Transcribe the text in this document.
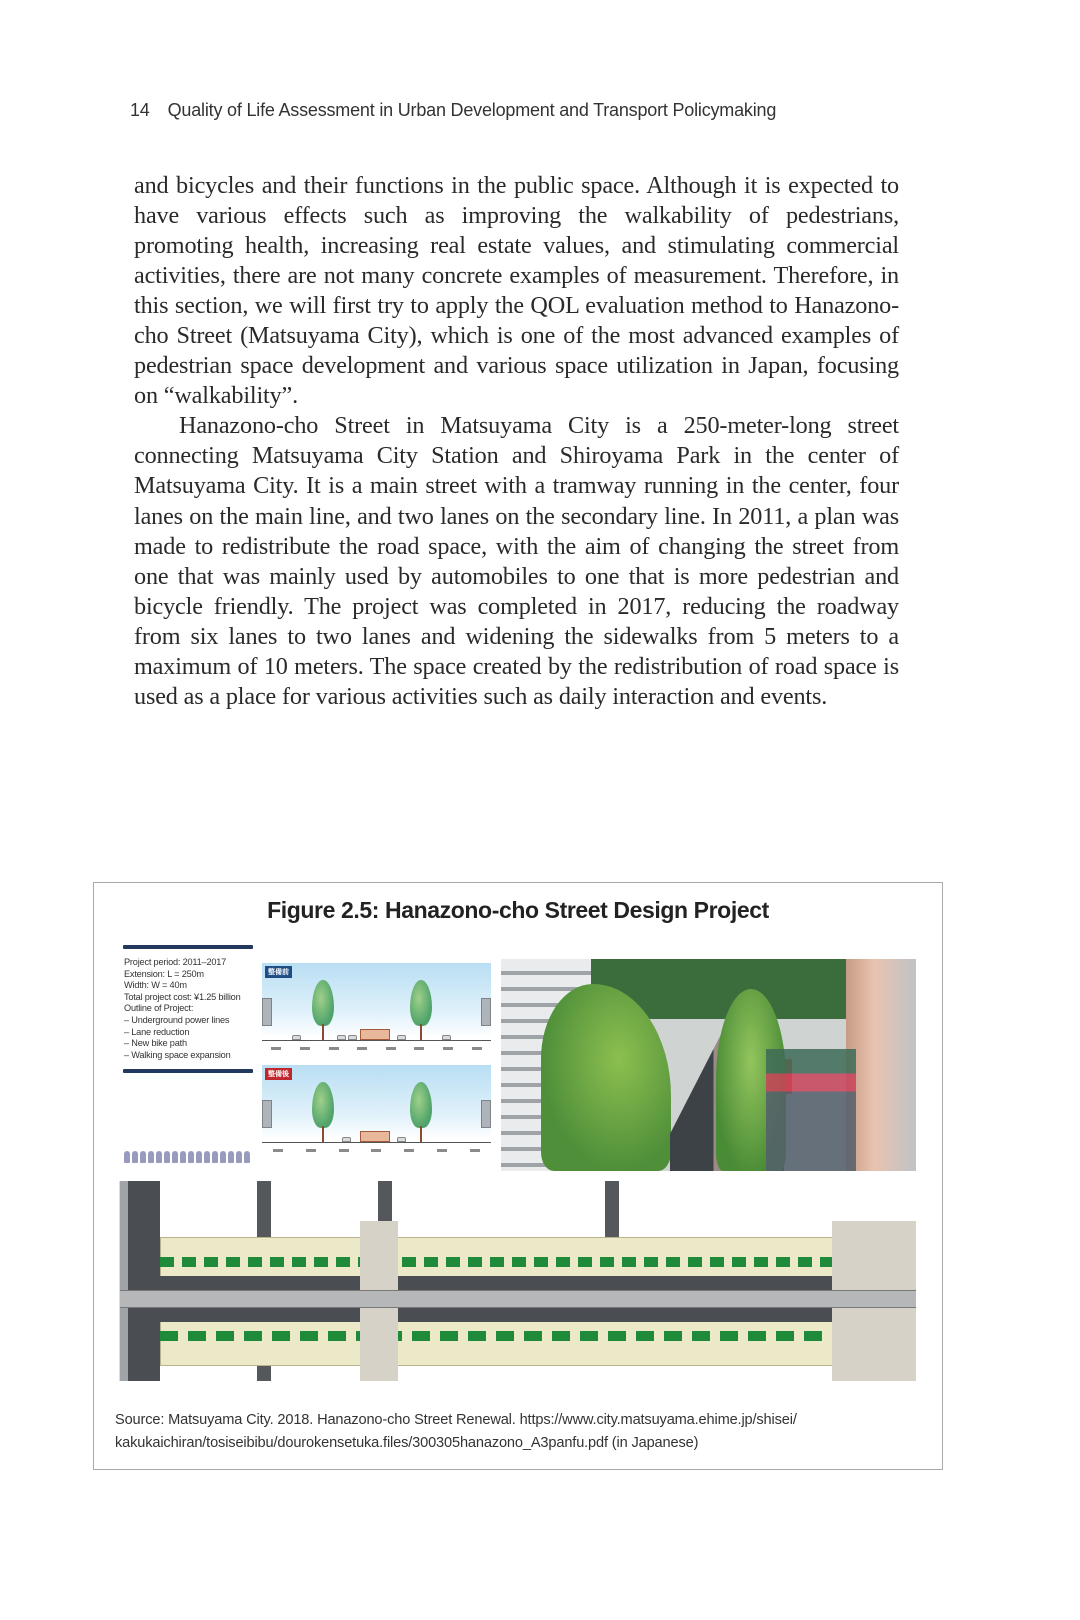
14 Quality of Life Assessment in Urban Development and Transport Policymaking

and bicycles and their functions in the public space. Although it is expected to have various effects such as improving the walkability of pedestrians, promoting health, increasing real estate values, and stimulating commercial activities, there are not many concrete examples of measurement. Therefore, in this section, we will first try to apply the QOL evaluation method to Hanazono-cho Street (Matsuyama City), which is one of the most advanced examples of pedestrian space development and various space utilization in Japan, focusing on “walkability”.

Hanazono-cho Street in Matsuyama City is a 250-meter-long street connecting Matsuyama City Station and Shiroyama Park in the center of Matsuyama City. It is a main street with a tramway running in the center, four lanes on the main line, and two lanes on the secondary line. In 2011, a plan was made to redistribute the road space, with the aim of changing the street from one that was mainly used by automobiles to one that is more pedestrian and bicycle friendly. The project was completed in 2017, reducing the roadway from six lanes to two lanes and widening the sidewalks from 5 meters to a maximum of 10 meters. The space created by the redistribution of road space is used as a place for various activities such as daily interaction and events.

Figure 2.5: Hanazono-cho Street Design Project
Project period: 2011–2017
Extension: L = 250m
Width: W = 40m
Total project cost: ¥1.25 billion
Outline of Project:
– Underground power lines
– Lane reduction
– New bike path
– Walking space expansion
整備前
整備後
Source: Matsuyama City. 2018. Hanazono-cho Street Renewal. https://www.city.matsuyama.ehime.jp/shisei/
kakukaichiran/tosiseibibu/dourokensetuka.files/300305hanazono_A3panfu.pdf (in Japanese)
